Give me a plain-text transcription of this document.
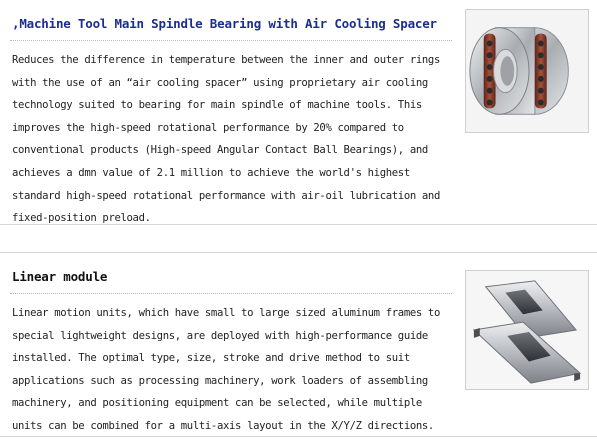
,Machine Tool Main Spindle Bearing with Air Cooling Spacer
Reduces the difference in temperature between the inner and outer rings
with the use of an “air cooling spacer” using proprietary air cooling
technology suited to bearing for main spindle of machine tools. This
improves the high-speed rotational performance by 20% compared to
conventional products (High-speed Angular Contact Ball Bearings), and
achieves a dmn value of 2.1 million to achieve the world's highest
standard high-speed rotational performance with air-oil lubrication and
fixed-position preload.
Linear module
Linear motion units, which have small to large sized aluminum frames to
special lightweight designs, are deployed with high-performance guide
installed. The optimal type, size, stroke and drive method to suit
applications such as processing machinery, work loaders of assembling
machinery, and positioning equipment can be selected, while multiple
units can be combined for a multi-axis layout in the X/Y/Z directions.
